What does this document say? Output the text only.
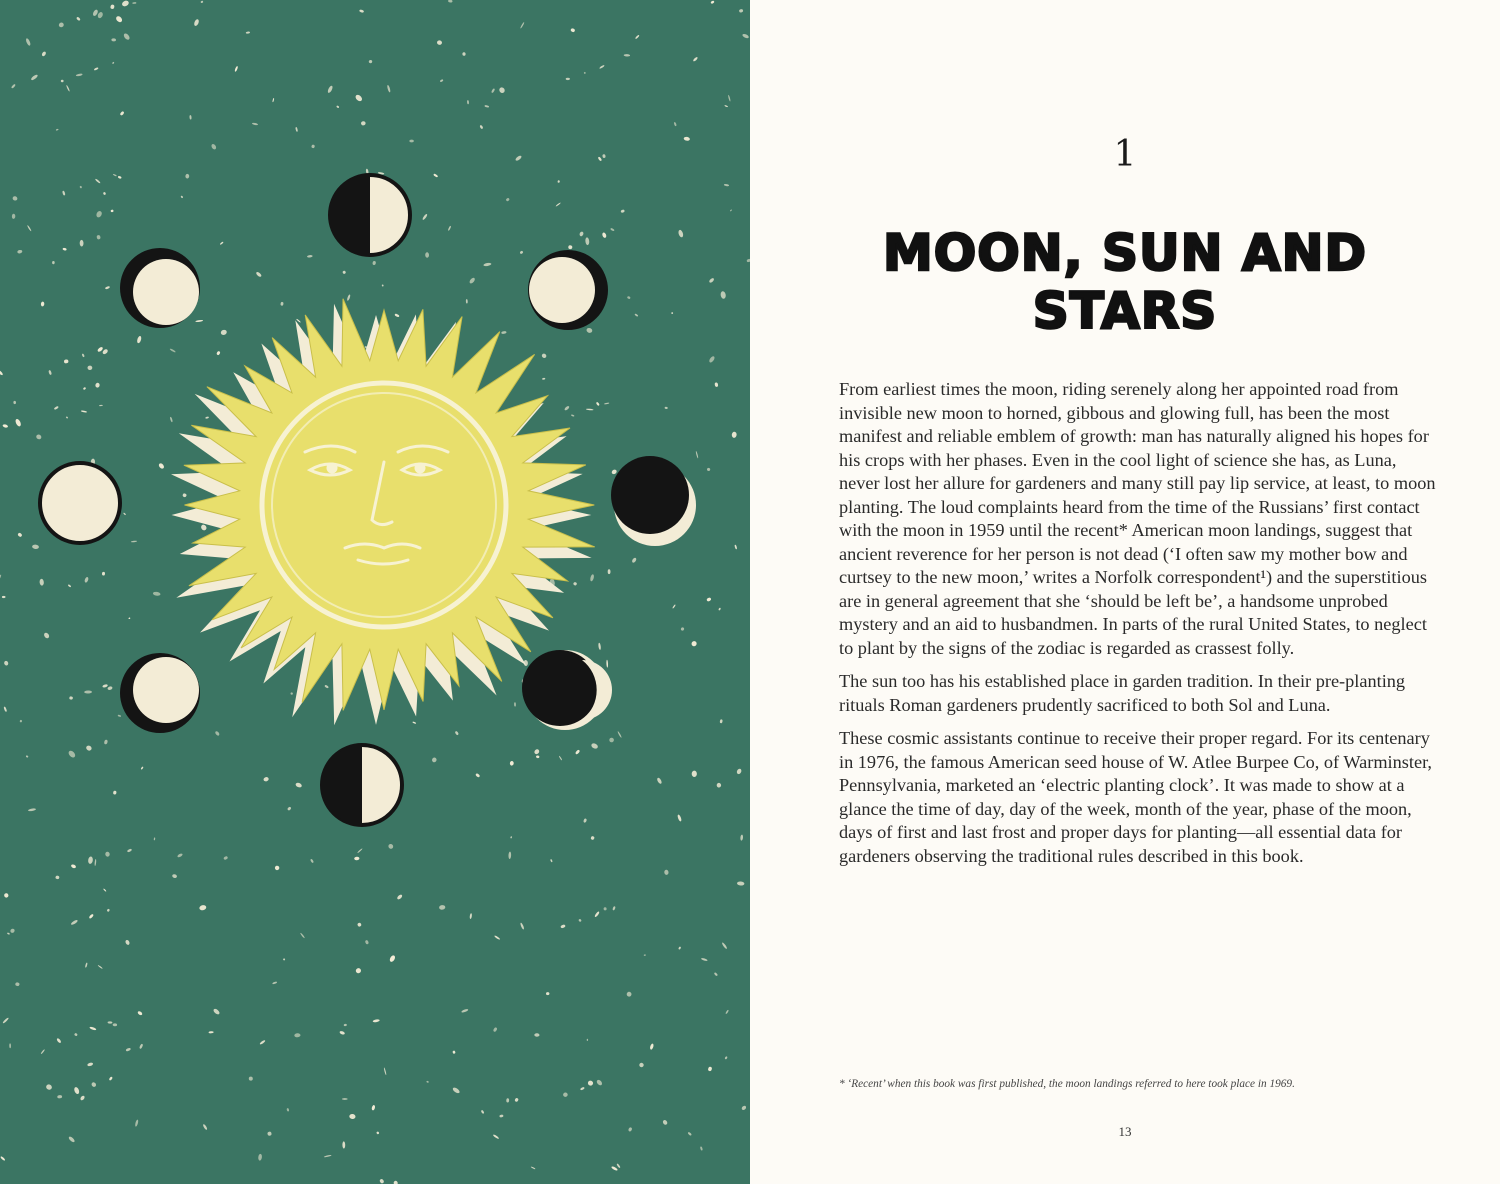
1
MOON, SUN AND STARS

From earliest times the moon, riding serenely along her appointed road from invisible new moon to horned, gibbous and glowing full, has been the most manifest and reliable emblem of growth: man has naturally aligned his hopes for his crops with her phases. Even in the cool light of science she has, as Luna, never lost her allure for gardeners and many still pay lip service, at least, to moon planting. The loud complaints heard from the time of the Russians’ first contact with the moon in 1959 until the recent* American moon landings, suggest that ancient reverence for her person is not dead (‘I often saw my mother bow and curtsey to the new moon,’ writes a Norfolk correspondent¹) and the superstitious are in general agreement that she ‘should be left be’, a handsome unprobed mystery and an aid to husbandmen. In parts of the rural United States, to neglect to plant by the signs of the zodiac is regarded as crassest folly.

The sun too has his established place in garden tradition. In their pre-planting rituals Roman gardeners prudently sacrificed to both Sol and Luna.

These cosmic assistants continue to receive their proper regard. For its centenary in 1976, the famous American seed house of W. Atlee Burpee Co, of Warminster, Pennsylvania, marketed an ‘electric planting clock’. It was made to show at a glance the time of day, day of the week, month of the year, phase of the moon, days of first and last frost and proper days for planting—all essential data for gardeners observing the traditional rules described in this book.

* ‘Recent’ when this book was first published, the moon landings referred to here took place in 1969.
13
